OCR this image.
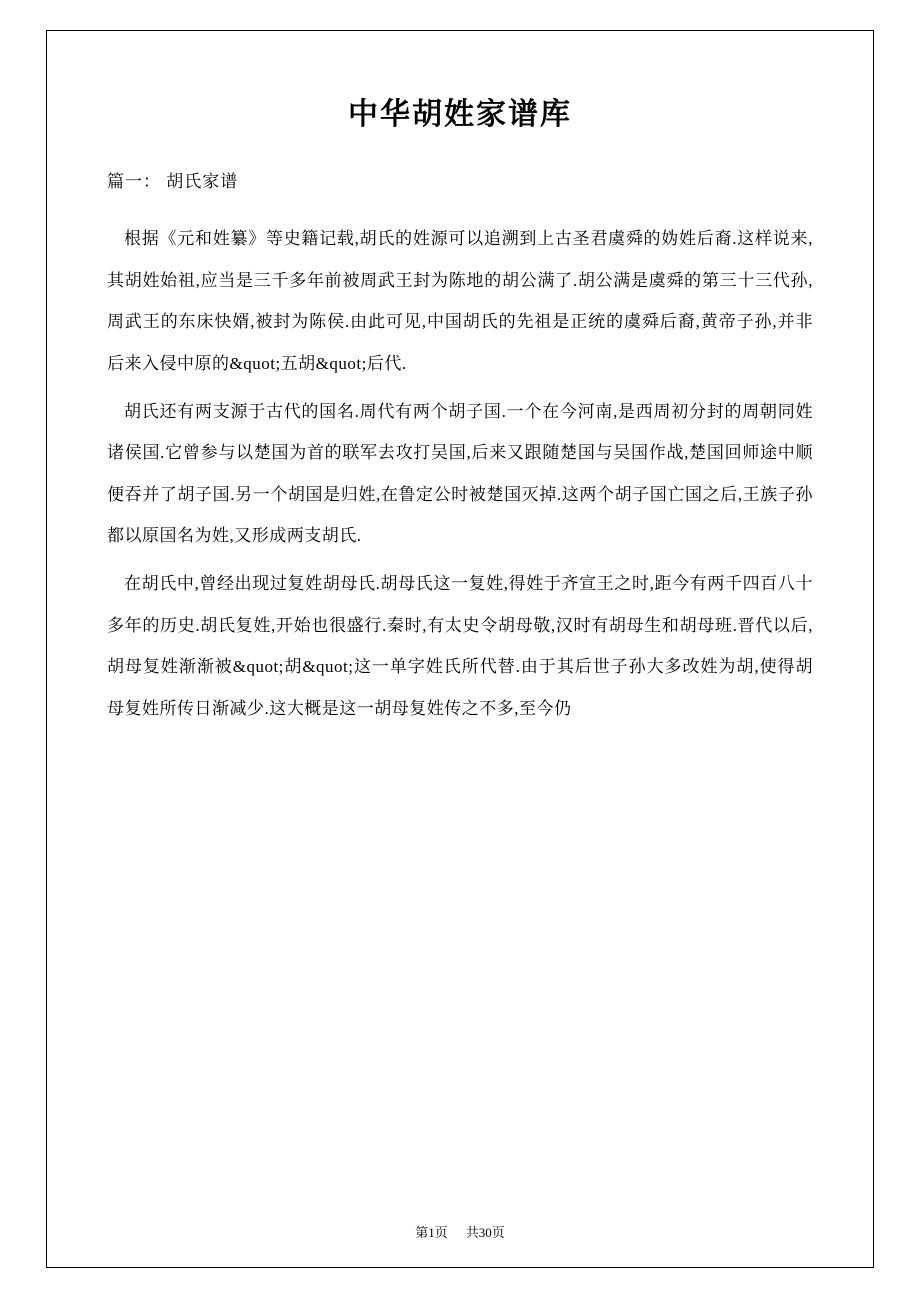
中华胡姓家谱库
篇一： 胡氏家谱

根据《元和姓纂》等史籍记载,胡氏的姓源可以追溯到上古圣君虞舜的妫姓后裔.这样说来,其胡姓始祖,应当是三千多年前被周武王封为陈地的胡公满了.胡公满是虞舜的第三十三代孙,周武王的东床快婿,被封为陈侯.由此可见,中国胡氏的先祖是正统的虞舜后裔,黄帝子孙,并非后来入侵中原的&quot;五胡&quot;后代.

胡氏还有两支源于古代的国名.周代有两个胡子国.一个在今河南,是西周初分封的周朝同姓诸侯国.它曾参与以楚国为首的联军去攻打吴国,后来又跟随楚国与吴国作战,楚国回师途中顺便吞并了胡子国.另一个胡国是归姓,在鲁定公时被楚国灭掉.这两个胡子国亡国之后,王族子孙都以原国名为姓,又形成两支胡氏.

在胡氏中,曾经出现过复姓胡母氏.胡母氏这一复姓,得姓于齐宣王之时,距今有两千四百八十多年的历史.胡氏复姓,开始也很盛行.秦时,有太史令胡母敬,汉时有胡母生和胡母班.晋代以后,胡母复姓渐渐被&quot;胡&quot;这一单字姓氏所代替.由于其后世子孙大多改姓为胡,使得胡母复姓所传日渐减少.这大概是这一胡母复姓传之不多,至今仍

第1页 共30页
